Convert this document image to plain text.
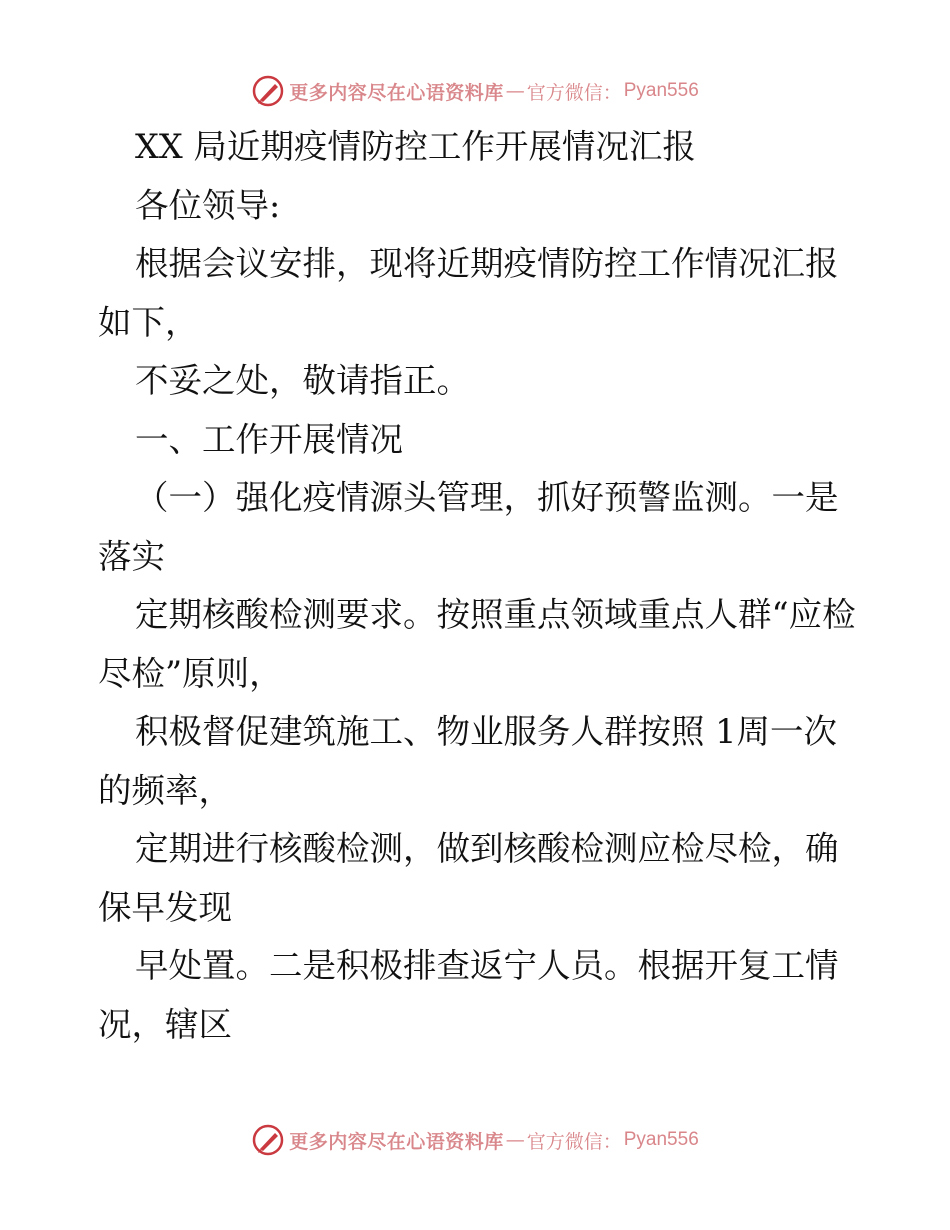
更多内容尽在心语资料库 — 官方微信： Pyan556

XX 局近期疫情防控工作开展情况汇报

各位领导:

根据会议安排，现将近期疫情防控工作情况汇报如下，

不妥之处，敬请指正。

一、工作开展情况

（一）强化疫情源头管理，抓好预警监测。一是落实

定期核酸检测要求。按照重点领域重点人群“应检尽检”原则，

积极督促建筑施工、物业服务人群按照 1周一次的频率，

定期进行核酸检测，做到核酸检测应检尽检，确保早发现

早处置。二是积极排查返宁人员。根据开复工情况，辖区

更多内容尽在心语资料库 — 官方微信： Pyan556
